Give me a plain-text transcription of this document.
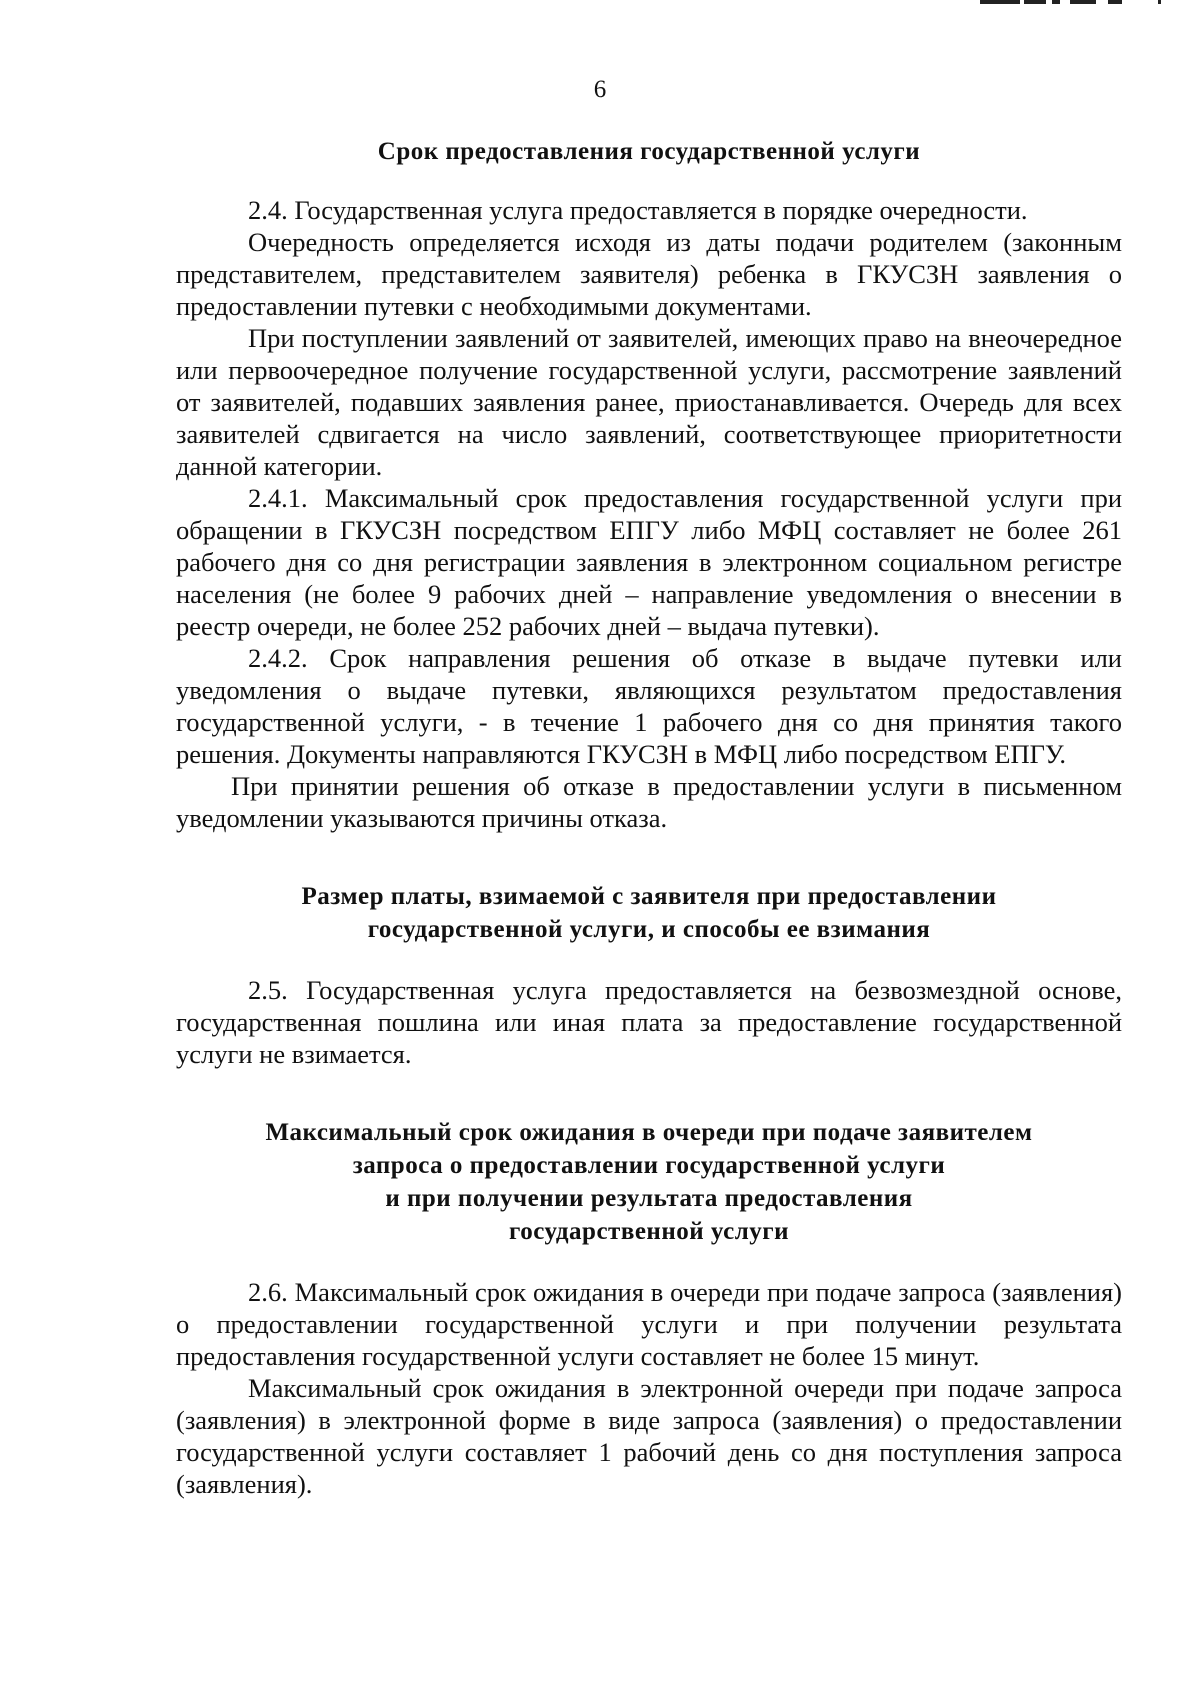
6
Срок предоставления государственной услуги

2.4. Государственная услуга предоставляется в порядке очередности.

Очередность определяется исходя из даты подачи родителем (законным представителем, представителем заявителя) ребенка в ГКУСЗН заявления о предоставлении путевки с необходимыми документами.

При поступлении заявлений от заявителей, имеющих право на внеочередное или первоочередное получение государственной услуги, рассмотрение заявлений от заявителей, подавших заявления ранее, приостанавливается. Очередь для всех заявителей сдвигается на число заявлений, соответствующее приоритетности данной категории.

2.4.1. Максимальный срок предоставления государственной услуги при обращении в ГКУСЗН посредством ЕПГУ либо МФЦ составляет не более 261 рабочего дня со дня регистрации заявления в электронном социальном регистре населения (не более 9 рабочих дней – направление уведомления о внесении в реестр очереди, не более 252 рабочих дней – выдача путевки).

2.4.2. Срок направления решения об отказе в выдаче путевки или уведомления о выдаче путевки, являющихся результатом предоставления государственной услуги, - в течение 1 рабочего дня со дня принятия такого решения. Документы направляются ГКУСЗН в МФЦ либо посредством ЕПГУ.

При принятии решения об отказе в предоставлении услуги в письменном уведомлении указываются причины отказа.

Размер платы, взимаемой с заявителя при предоставлении
государственной услуги, и способы ее взимания

2.5. Государственная услуга предоставляется на безвозмездной основе, государственная пошлина или иная плата за предоставление государственной услуги не взимается.

Максимальный срок ожидания в очереди при подаче заявителем
запроса о предоставлении государственной услуги
и при получении результата предоставления
государственной услуги

2.6. Максимальный срок ожидания в очереди при подаче запроса (заявления) о предоставлении государственной услуги и при получении результата предоставления государственной услуги составляет не более 15 минут.

Максимальный срок ожидания в электронной очереди при подаче запроса (заявления) в электронной форме в виде запроса (заявления) о предоставлении государственной услуги составляет 1 рабочий день со дня поступления запроса (заявления).
